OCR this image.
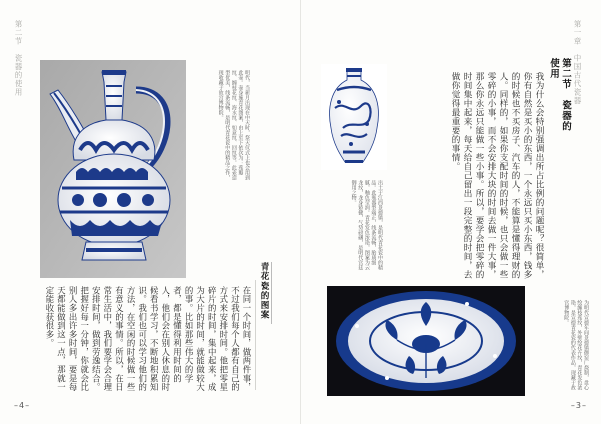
第二节　瓷器的使用
明代，当新月出现在中天时，祭天仪式上也会用到此壶。壶身施青花图案，由上至下依次为：莲瓣纹、缠枝花纹、海水纹、如意纹、回纹等。此壶造型优美，线条流畅，是明代青花瓷中的精品之作，现收藏于故宫博物院。
青花瓷的图案
在同一个时间，做两件事，不过我们每个人都有自己的方式来安排时间。他把零星碎片的时间，集中起来，成为大片的时间，就能做较大的事。比如那些伟大的学者，都是懂得利用时间的人，他们会在别人休息的时候看书学习，不断地积累知识。我们也可以学习他们的方法，在空闲的时候做一些有意义的事情。所以，在日常生活中，我们要学会合理安排时间，做到劳逸结合。把握好每一分钟，你就会比别人多出许多时间，要是每天都能做到这一点，那就一定能收获很多。
–4–
第一章　中国古代瓷器
第二节　瓷器的使用
我为什么会特别强调出所占比例的问题呢？很简单，你有自然是买小的东西，一个永远只买小东西，钱多的时候也不买房子、汽车的人，不能算是懂得理财的人。同样的，如果你支配时间的时候，也只会做一些零碎的小事，而不会安排大块的时间去做一件大事，那么你永远只能做一些小事。所以，要学会把零碎的时间集中起来，每天给自己留出一段完整的时间，去做你觉得最重要的事情。
出土于江西景德镇，是明代青花瓷中的精品。此瓶器型端正，线条流畅，胎质细腻，釉色莹润。青花发色浓艳，图案为云龙纹，龙身矫健，气势磅礴，是明代宫廷御用之物。
为明代宣德年间景德镇御窑厂烧制，盘心绘缠枝莲纹，外壁绘花卉纹，青花发色浓艳，是宣德青花瓷的代表作品，现藏于故宫博物院。
–3–
